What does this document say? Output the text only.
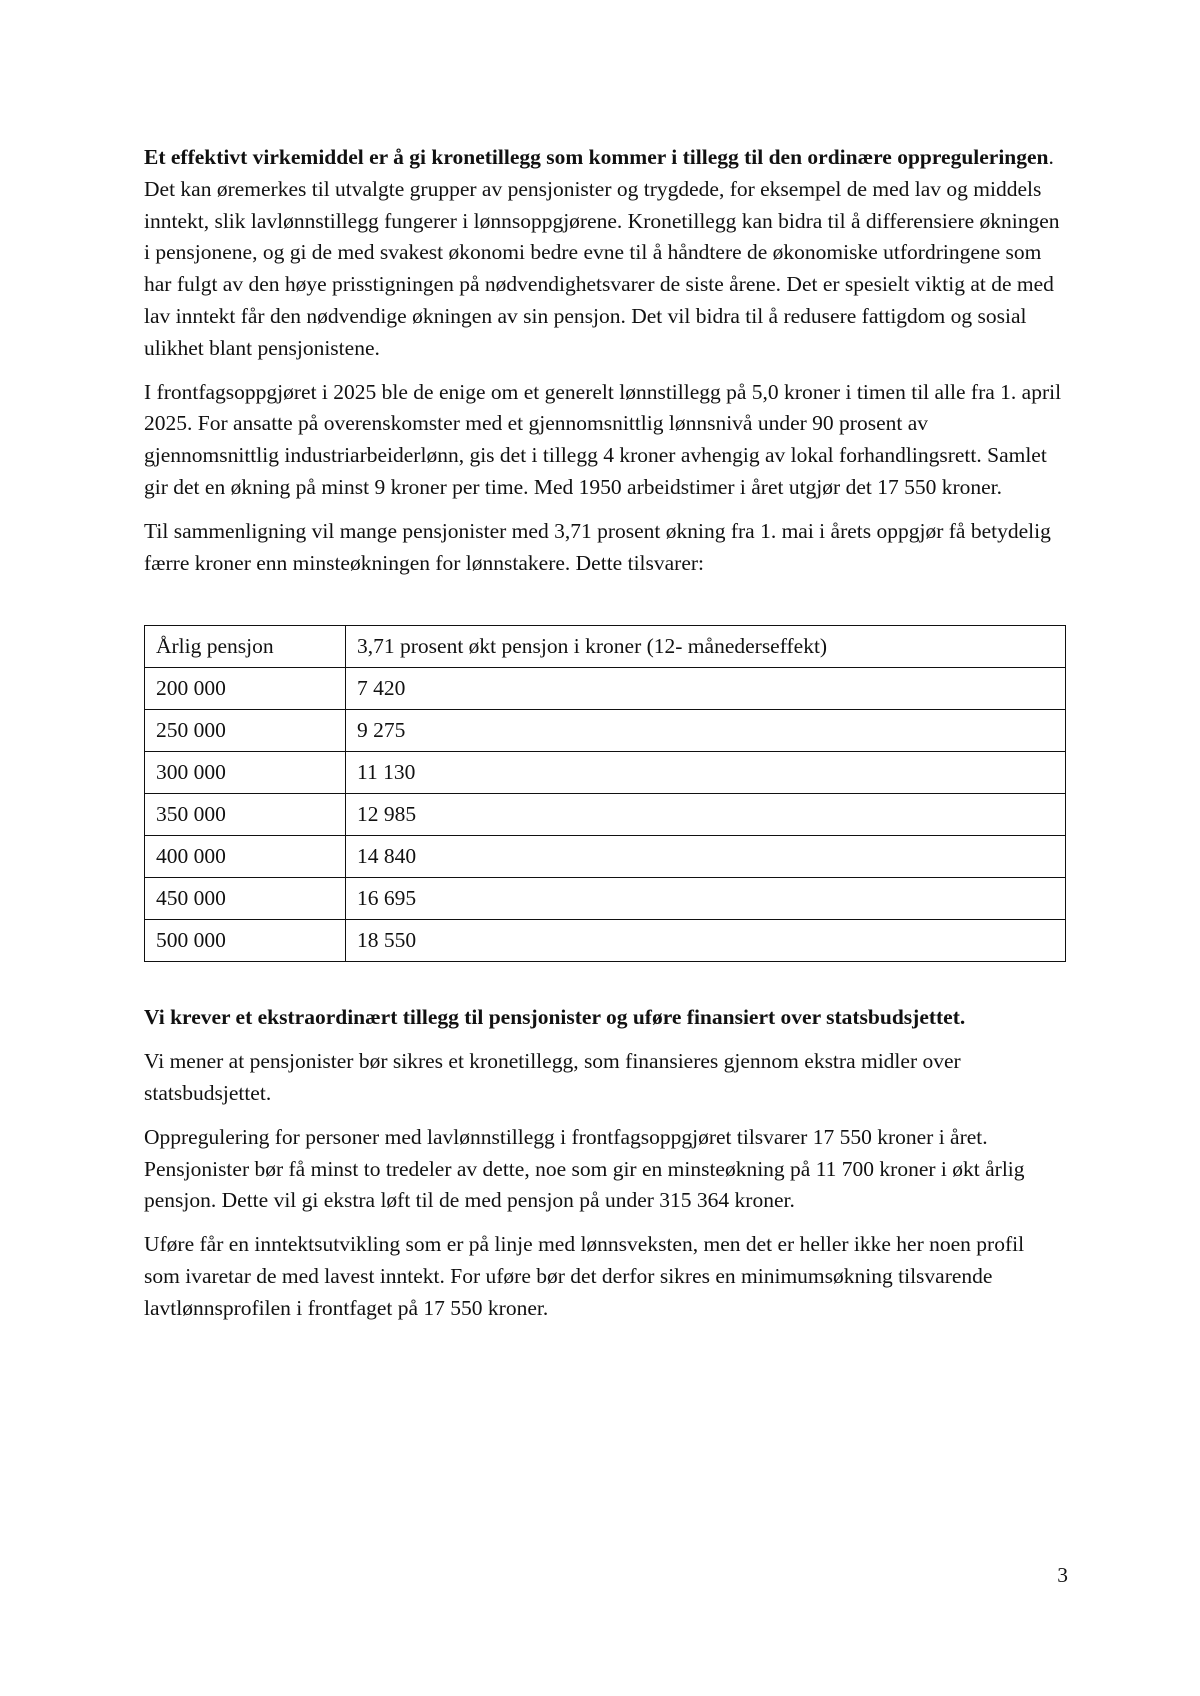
Et effektivt virkemiddel er å gi kronetillegg som kommer i tillegg til den ordinære oppreguleringen. Det kan øremerkes til utvalgte grupper av pensjonister og trygdede, for eksempel de med lav og middels inntekt, slik lavlønnstillegg fungerer i lønnsoppgjørene. Kronetillegg kan bidra til å differensiere økningen i pensjonene, og gi de med svakest økonomi bedre evne til å håndtere de økonomiske utfordringene som har fulgt av den høye prisstigningen på nødvendighetsvarer de siste årene. Det er spesielt viktig at de med lav inntekt får den nødvendige økningen av sin pensjon. Det vil bidra til å redusere fattigdom og sosial ulikhet blant pensjonistene.

I frontfagsoppgjøret i 2025 ble de enige om et generelt lønnstillegg på 5,0 kroner i timen til alle fra 1. april 2025. For ansatte på overenskomster med et gjennomsnittlig lønnsnivå under 90 prosent av gjennomsnittlig industriarbeiderlønn, gis det i tillegg 4 kroner avhengig av lokal forhandlingsrett. Samlet gir det en økning på minst 9 kroner per time. Med 1950 arbeidstimer i året utgjør det 17 550 kroner.

Til sammenligning vil mange pensjonister med 3,71 prosent økning fra 1. mai i årets oppgjør få betydelig færre kroner enn minsteøkningen for lønnstakere. Dette tilsvarer:

Årlig pensjon	3,71 prosent økt pensjon i kroner (12- månederseffekt)
200 000	7 420
250 000	9 275
300 000	11 130
350 000	12 985
400 000	14 840
450 000	16 695
500 000	18 550

Vi krever et ekstraordinært tillegg til pensjonister og uføre finansiert over statsbudsjettet.

Vi mener at pensjonister bør sikres et kronetillegg, som finansieres gjennom ekstra midler over statsbudsjettet.

Oppregulering for personer med lavlønnstillegg i frontfagsoppgjøret tilsvarer 17 550 kroner i året. Pensjonister bør få minst to tredeler av dette, noe som gir en minsteøkning på 11 700 kroner i økt årlig pensjon. Dette vil gi ekstra løft til de med pensjon på under 315 364 kroner.

Uføre får en inntektsutvikling som er på linje med lønnsveksten, men det er heller ikke her noen profil som ivaretar de med lavest inntekt. For uføre bør det derfor sikres en minimumsøkning tilsvarende lavtlønnsprofilen i frontfaget på 17 550 kroner.

3
